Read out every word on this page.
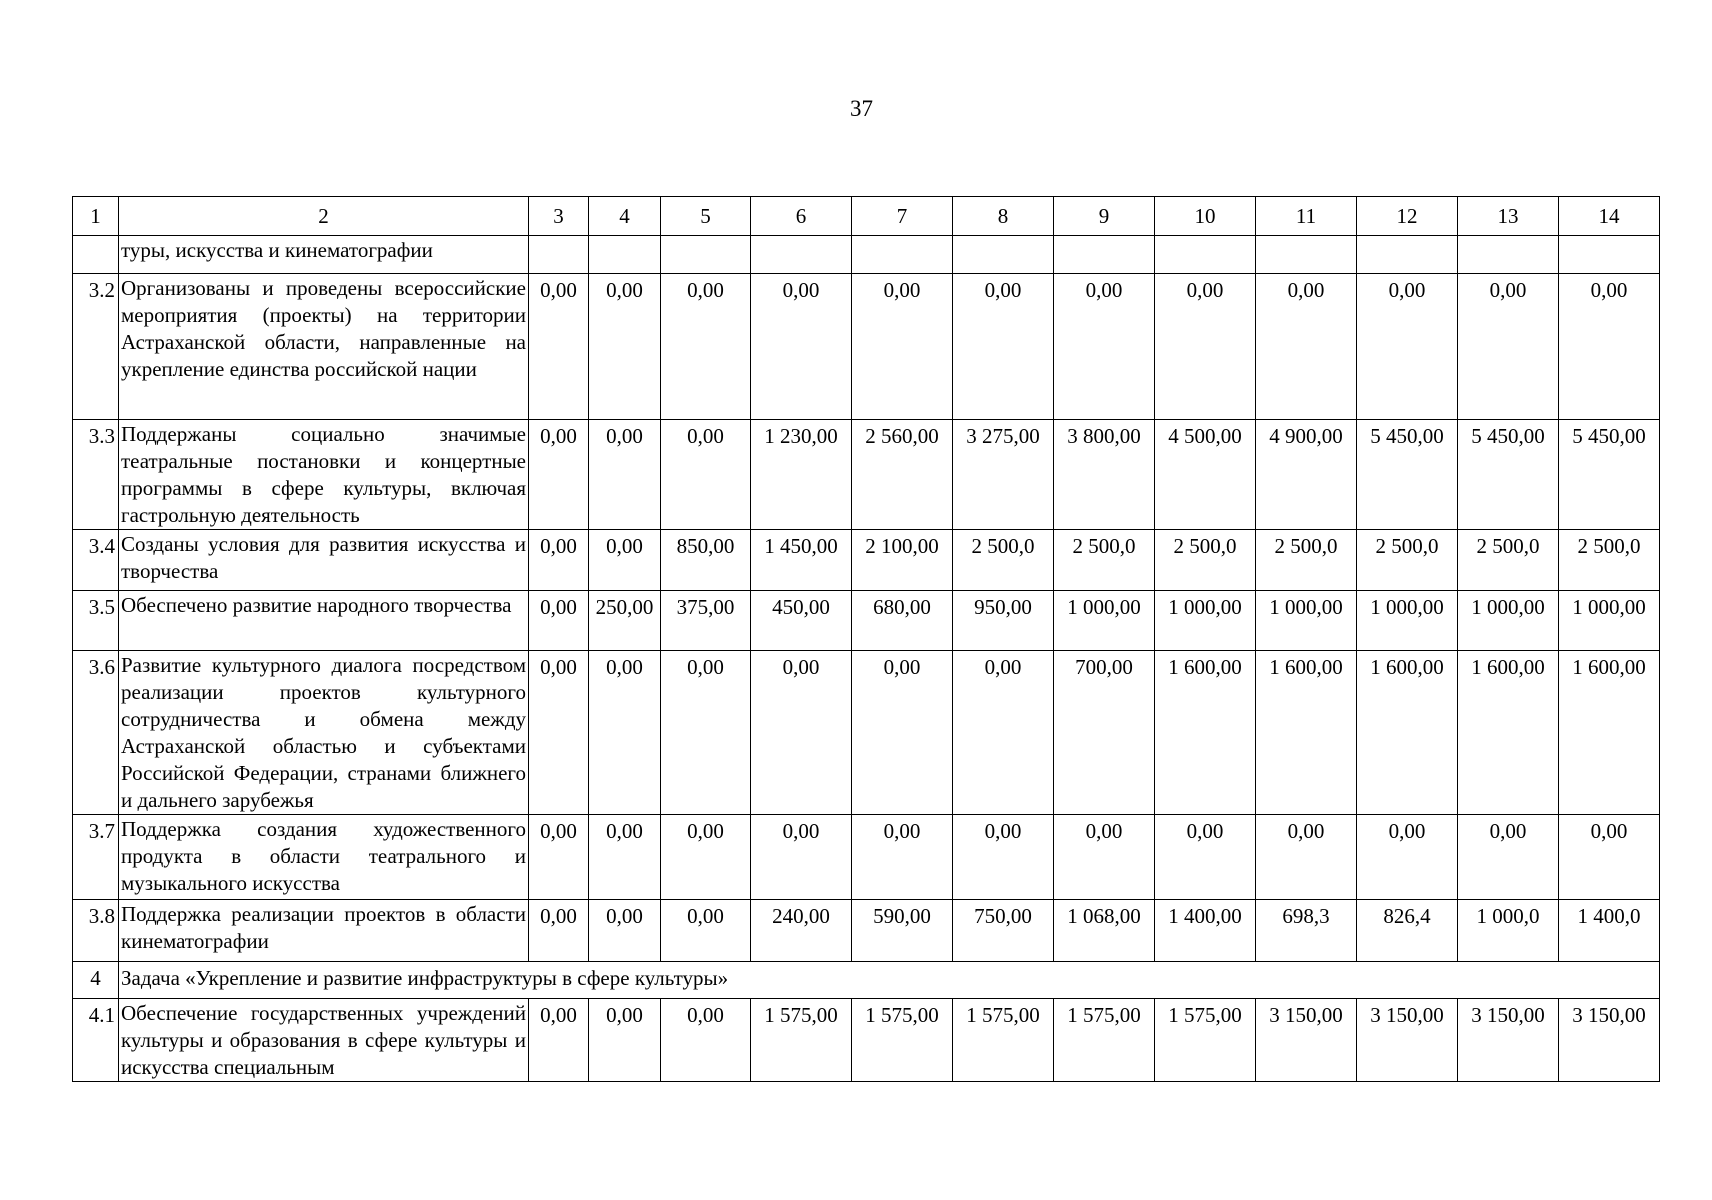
37
1	2	3	4	5	6	7	8	9	10	11	12	13	14
	туры, искусства и кинематографии												
3.2	Организованы и проведены всероссийские мероприятия (проекты) на территории Астраханской области, направленные на укрепление единства российской нации	0,00	0,00	0,00	0,00	0,00	0,00	0,00	0,00	0,00	0,00	0,00	0,00
3.3	Поддержаны социально значимые театральные постановки и концертные программы в сфере культуры, включая гастрольную деятельность	0,00	0,00	0,00	1 230,00	2 560,00	3 275,00	3 800,00	4 500,00	4 900,00	5 450,00	5 450,00	5 450,00
3.4	Созданы условия для развития искусства и творчества	0,00	0,00	850,00	1 450,00	2 100,00	2 500,0	2 500,0	2 500,0	2 500,0	2 500,0	2 500,0	2 500,0
3.5	Обеспечено развитие народного творчества	0,00	250,00	375,00	450,00	680,00	950,00	1 000,00	1 000,00	1 000,00	1 000,00	1 000,00	1 000,00
3.6	Развитие культурного диалога посредством реализации проектов культурного сотрудничества и обмена между Астраханской областью и субъектами Российской Федерации, странами ближнего и дальнего зарубежья	0,00	0,00	0,00	0,00	0,00	0,00	700,00	1 600,00	1 600,00	1 600,00	1 600,00	1 600,00
3.7	Поддержка создания художественного продукта в области театрального и музыкального искусства	0,00	0,00	0,00	0,00	0,00	0,00	0,00	0,00	0,00	0,00	0,00	0,00
3.8	Поддержка реализации проектов в области кинематографии	0,00	0,00	0,00	240,00	590,00	750,00	1 068,00	1 400,00	698,3	826,4	1 000,0	1 400,0
4	Задача «Укрепление и развитие инфраструктуры в сфере культуры»												
4.1	Обеспечение государственных учреждений культуры и образования в сфере культуры и искусства специальным	0,00	0,00	0,00	1 575,00	1 575,00	1 575,00	1 575,00	1 575,00	3 150,00	3 150,00	3 150,00	3 150,00
